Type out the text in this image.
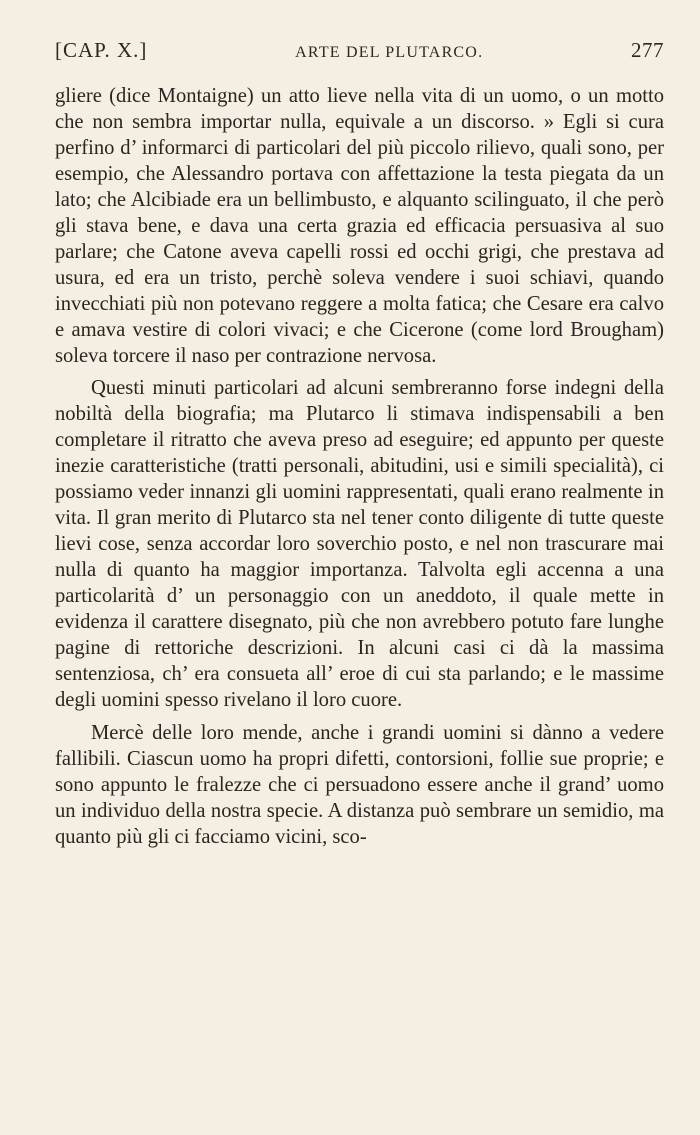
[CAP. X.]	ARTE DEL PLUTARCO.	277

gliere (dice Montaigne) un atto lieve nella vita di un uomo, o un motto che non sembra importar nulla, equivale a un discorso. » Egli si cura perfino d’ informarci di particolari del più piccolo rilievo, quali sono, per esempio, che Alessandro portava con affettazione la testa piegata da un lato; che Alcibiade era un bellimbusto, e alquanto scilinguato, il che però gli stava bene, e dava una certa grazia ed efficacia persuasiva al suo parlare; che Catone aveva capelli rossi ed occhi grigi, che prestava ad usura, ed era un tristo, perchè soleva vendere i suoi schiavi, quando invecchiati più non potevano reggere a molta fatica; che Cesare era calvo e amava vestire di colori vivaci; e che Cicerone (come lord Brougham) soleva torcere il naso per contrazione nervosa.

Questi minuti particolari ad alcuni sembreranno forse indegni della nobiltà della biografia; ma Plutarco li stimava indispensabili a ben completare il ritratto che aveva preso ad eseguire; ed appunto per queste inezie caratteristiche (tratti personali, abitudini, usi e simili specialità), ci possiamo veder innanzi gli uomini rappresentati, quali erano realmente in vita. Il gran merito di Plutarco sta nel tener conto diligente di tutte queste lievi cose, senza accordar loro soverchio posto, e nel non trascurare mai nulla di quanto ha maggior importanza. Talvolta egli accenna a una particolarità d’ un personaggio con un aneddoto, il quale mette in evidenza il carattere disegnato, più che non avrebbero potuto fare lunghe pagine di rettoriche descrizioni. In alcuni casi ci dà la massima sentenziosa, ch’ era consueta all’ eroe di cui sta parlando; e le massime degli uomini spesso rivelano il loro cuore.

Mercè delle loro mende, anche i grandi uomini si dànno a vedere fallibili. Ciascun uomo ha propri difetti, contorsioni, follie sue proprie; e sono appunto le fralezze che ci persuadono essere anche il grand’ uomo un individuo della nostra specie. A distanza può sembrare un semidio, ma quanto più gli ci facciamo vicini, sco-
